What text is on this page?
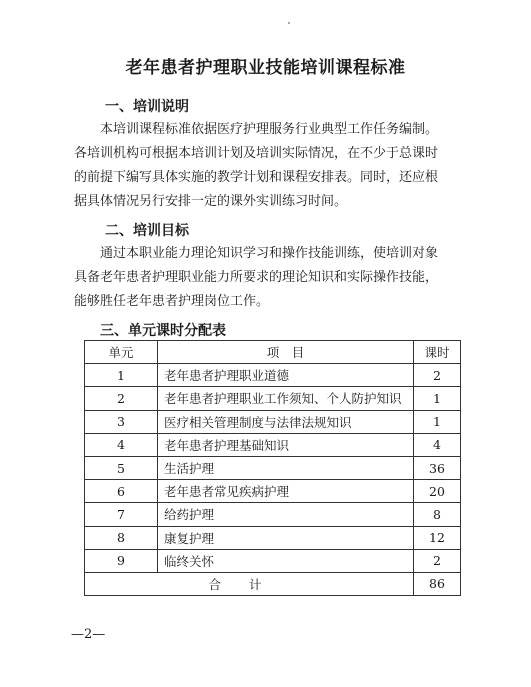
老年患者护理职业技能培训课程标准
一、培训说明
本培训课程标准依据医疗护理服务行业典型工作任务编制。
各培训机构可根据本培训计划及培训实际情况，在不少于总课时
的前提下编写具体实施的教学计划和课程安排表。同时，还应根
据具体情况另行安排一定的课外实训练习时间。
二、培训目标
通过本职业能力理论知识学习和操作技能训练，使培训对象
具备老年患者护理职业能力所要求的理论知识和实际操作技能，
能够胜任老年患者护理岗位工作。
三、单元课时分配表
单元	项　目	课时
1	老年患者护理职业道德	2
2	老年患者护理职业工作须知、个人防护知识	1
3	医疗相关管理制度与法律法规知识	1
4	老年患者护理基础知识	4
5	生活护理	36
6	老年患者常见疾病护理	20
7	给药护理	8
8	康复护理	12
9	临终关怀	2
合计		86
—2—
